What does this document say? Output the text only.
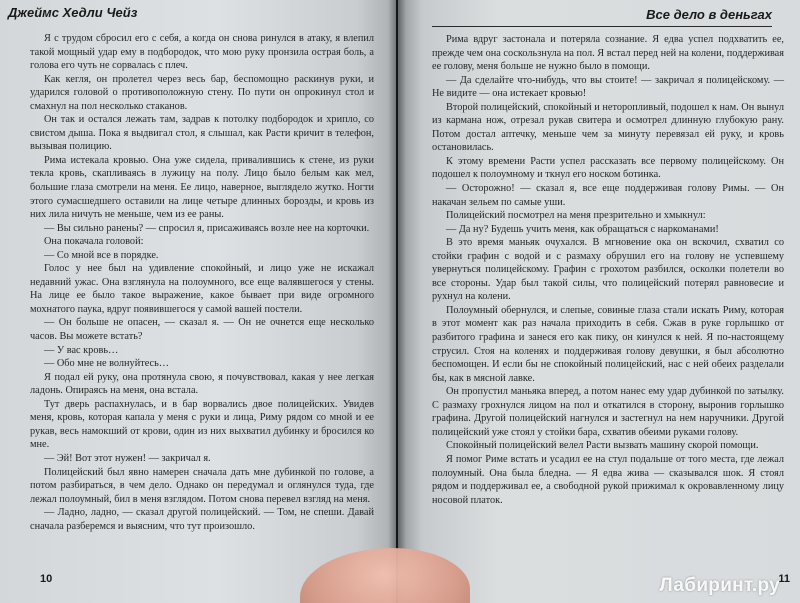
Джеймс Хедли Чейз

Я с трудом сбросил его с себя, а когда он снова ринулся в атаку, я влепил такой мощный удар ему в подбородок, что мою руку пронзила острая боль, а голова его чуть не сорвалась с плеч.

Как кегля, он пролетел через весь бар, беспомощно раскинув руки, и ударился головой о противоположную стену. По пути он опрокинул стол и смахнул на пол несколько стаканов.

Он так и остался лежать там, задрав к потолку подбородок и хрипло, со свистом дыша. Пока я выдвигал стол, я слышал, как Расти кричит в телефон, вызывая полицию.

Рима истекала кровью. Она уже сидела, привалившись к стене, из руки текла кровь, скапливаясь в лужицу на полу. Лицо было белым как мел, большие глаза смотрели на меня. Ее лицо, наверное, выглядело жутко. Ногти этого сумасшедшего оставили на лице четыре длинных борозды, и кровь из них лила ничуть не меньше, чем из ее раны.

— Вы сильно ранены? — спросил я, присаживаясь возле нее на корточки.

Она покачала головой:

— Со мной все в порядке.

Голос у нее был на удивление спокойный, и лицо уже не искажал недавний ужас. Она взглянула на полоумного, все еще валявшегося у стены. На лице ее было такое выражение, какое бывает при виде огромного мохнатого паука, вдруг появившегося у самой вашей постели.

— Он больше не опасен, — сказал я. — Он не очнется еще несколько часов. Вы можете встать?

— У вас кровь…

— Обо мне не волнуйтесь…

Я подал ей руку, она протянула свою, я почувствовал, какая у нее легкая ладонь. Опираясь на меня, она встала.

Тут дверь распахнулась, и в бар ворвались двое полицейских. Увидев меня, кровь, которая капала у меня с руки и лица, Риму рядом со мной и ее рукав, весь намокший от крови, один из них выхватил дубинку и бросился ко мне.

— Эй! Вот этот нужен! — закричал я.

Полицейский был явно намерен сначала дать мне дубинкой по голове, а потом разбираться, в чем дело. Однако он передумал и оглянулся туда, где лежал полоумный, бил в меня взглядом. Потом снова перевел взгляд на меня.

— Ладно, ладно, — сказал другой полицейский. — Том, не спеши. Давай сначала разберемся и выясним, что тут произошло.

10
Все дело в деньгах

Рима вдруг застонала и потеряла сознание. Я едва успел подхватить ее, прежде чем она соскользнула на пол. Я встал перед ней на колени, поддерживая ее голову, меня больше не нужно было в помощи.

— Да сделайте что-нибудь, что вы стоите! — закричал я полицейскому. — Не видите — она истекает кровью!

Второй полицейский, спокойный и неторопливый, подошел к нам. Он вынул из кармана нож, отрезал рукав свитера и осмотрел длинную глубокую рану. Потом достал аптечку, меньше чем за минуту перевязал ей руку, и кровь остановилась.

К этому времени Расти успел рассказать все первому полицейскому. Он подошел к полоумному и ткнул его носком ботинка.

— Осторожно! — сказал я, все еще поддерживая голову Римы. — Он накачан зельем по самые уши.

Полицейский посмотрел на меня презрительно и хмыкнул:

— Да ну? Будешь учить меня, как обращаться с наркоманами!

В это время маньяк очухался. В мгновение ока он вскочил, схватил со стойки графин с водой и с размаху обрушил его на голову не успевшему увернуться полицейскому. Графин с грохотом разбился, осколки полетели во все стороны. Удар был такой силы, что полицейский потерял равновесие и рухнул на колени.

Полоумный обернулся, и слепые, совиные глаза стали искать Риму, которая в этот момент как раз начала приходить в себя. Сжав в руке горлышко от разбитого графина и занеся его как пику, он кинулся к ней. Я по-настоящему струсил. Стоя на коленях и поддерживая голову девушки, я был абсолютно беспомощен. И если бы не спокойный полицейский, нас с ней обеих разделали бы, как в мясной лавке.

Он пропустил маньяка вперед, а потом нанес ему удар дубинкой по затылку. С размаху грохнулся лицом на пол и откатился в сторону, выронив горлышко графина. Другой полицейский нагнулся и застегнул на нем наручники. Другой полицейский уже стоял у стойки бара, схватив обеими руками голову.

Спокойный полицейский велел Расти вызвать машину скорой помощи.

Я помог Риме встать и усадил ее на стул подальше от того места, где лежал полоумный. Она была бледна. — Я едва жива — сказывался шок. Я стоял рядом и поддерживал ее, а свободной рукой прижимал к окровавленному лицу носовой платок.

11
Лабиринт.ру
